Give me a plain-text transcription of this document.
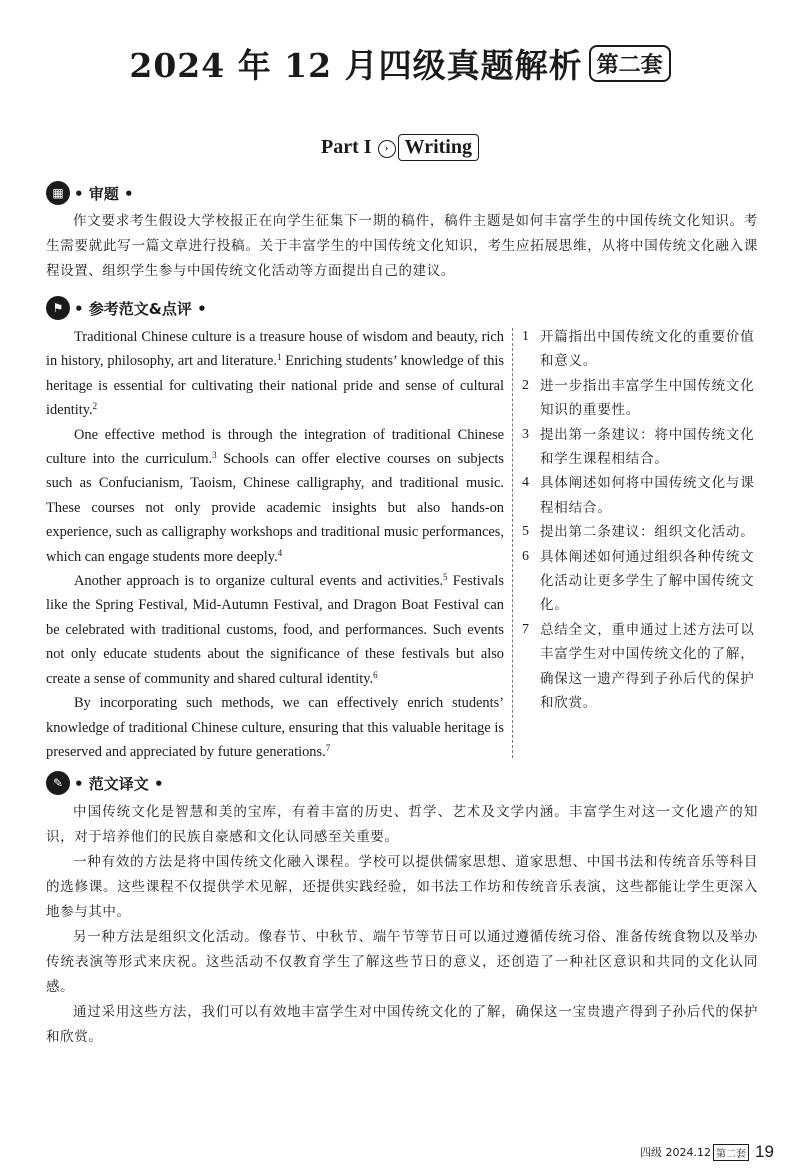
2024 年 12 月四级真题解析 第二套
Part I › Writing
▦ • 审题 •

作文要求考生假设大学校报正在向学生征集下一期的稿件，稿件主题是如何丰富学生的中国传统文化知识。考生需要就此写一篇文章进行投稿。关于丰富学生的中国传统文化知识，考生应拓展思维，从将中国传统文化融入课程设置、组织学生参与中国传统文化活动等方面提出自己的建议。

⚑ • 参考范文&点评 •

Traditional Chinese culture is a treasure house of wisdom and beauty, rich in history, philosophy, art and literature.$^1$ Enriching students’ knowledge of this heritage is essential for cultivating their national pride and sense of cultural identity.$^2$

One effective method is through the integration of traditional Chinese culture into the curriculum.$^3$ Schools can offer elective courses on subjects such as Confucianism, Taoism, Chinese calligraphy, and traditional music. These courses not only provide academic insights but also hands-on experience, such as calligraphy workshops and traditional music performances, which can engage students more deeply.$^4$

Another approach is to organize cultural events and activities.$^5$ Festivals like the Spring Festival, Mid-Autumn Festival, and Dragon Boat Festival can be celebrated with traditional customs, food, and performances. Such events not only educate students about the significance of these festivals but also create a sense of community and shared cultural identity.$^6$

By incorporating such methods, we can effectively enrich students’ knowledge of traditional Chinese culture, ensuring that this valuable heritage is preserved and appreciated by future generations.$^7$

1 开篇指出中国传统文化的重要价值和意义。
2 进一步指出丰富学生中国传统文化知识的重要性。
3 提出第一条建议：将中国传统文化和学生课程相结合。
4 具体阐述如何将中国传统文化与课程相结合。
5 提出第二条建议：组织文化活动。
6 具体阐述如何通过组织各种传统文化活动让更多学生了解中国传统文化。
7 总结全文，重申通过上述方法可以丰富学生对中国传统文化的了解，确保这一遗产得到子孙后代的保护和欣赏。
✎ • 范文译文 •

中国传统文化是智慧和美的宝库，有着丰富的历史、哲学、艺术及文学内涵。丰富学生对这一文化遗产的知识，对于培养他们的民族自豪感和文化认同感至关重要。

一种有效的方法是将中国传统文化融入课程。学校可以提供儒家思想、道家思想、中国书法和传统音乐等科目的选修课。这些课程不仅提供学术见解，还提供实践经验，如书法工作坊和传统音乐表演，这些都能让学生更深入地参与其中。

另一种方法是组织文化活动。像春节、中秋节、端午节等节日可以通过遵循传统习俗、准备传统食物以及举办传统表演等形式来庆祝。这些活动不仅教育学生了解这些节日的意义，还创造了一种社区意识和共同的文化认同感。

通过采用这些方法，我们可以有效地丰富学生对中国传统文化的了解，确保这一宝贵遗产得到子孙后代的保护和欣赏。

四级 2024.12 第二套 19
